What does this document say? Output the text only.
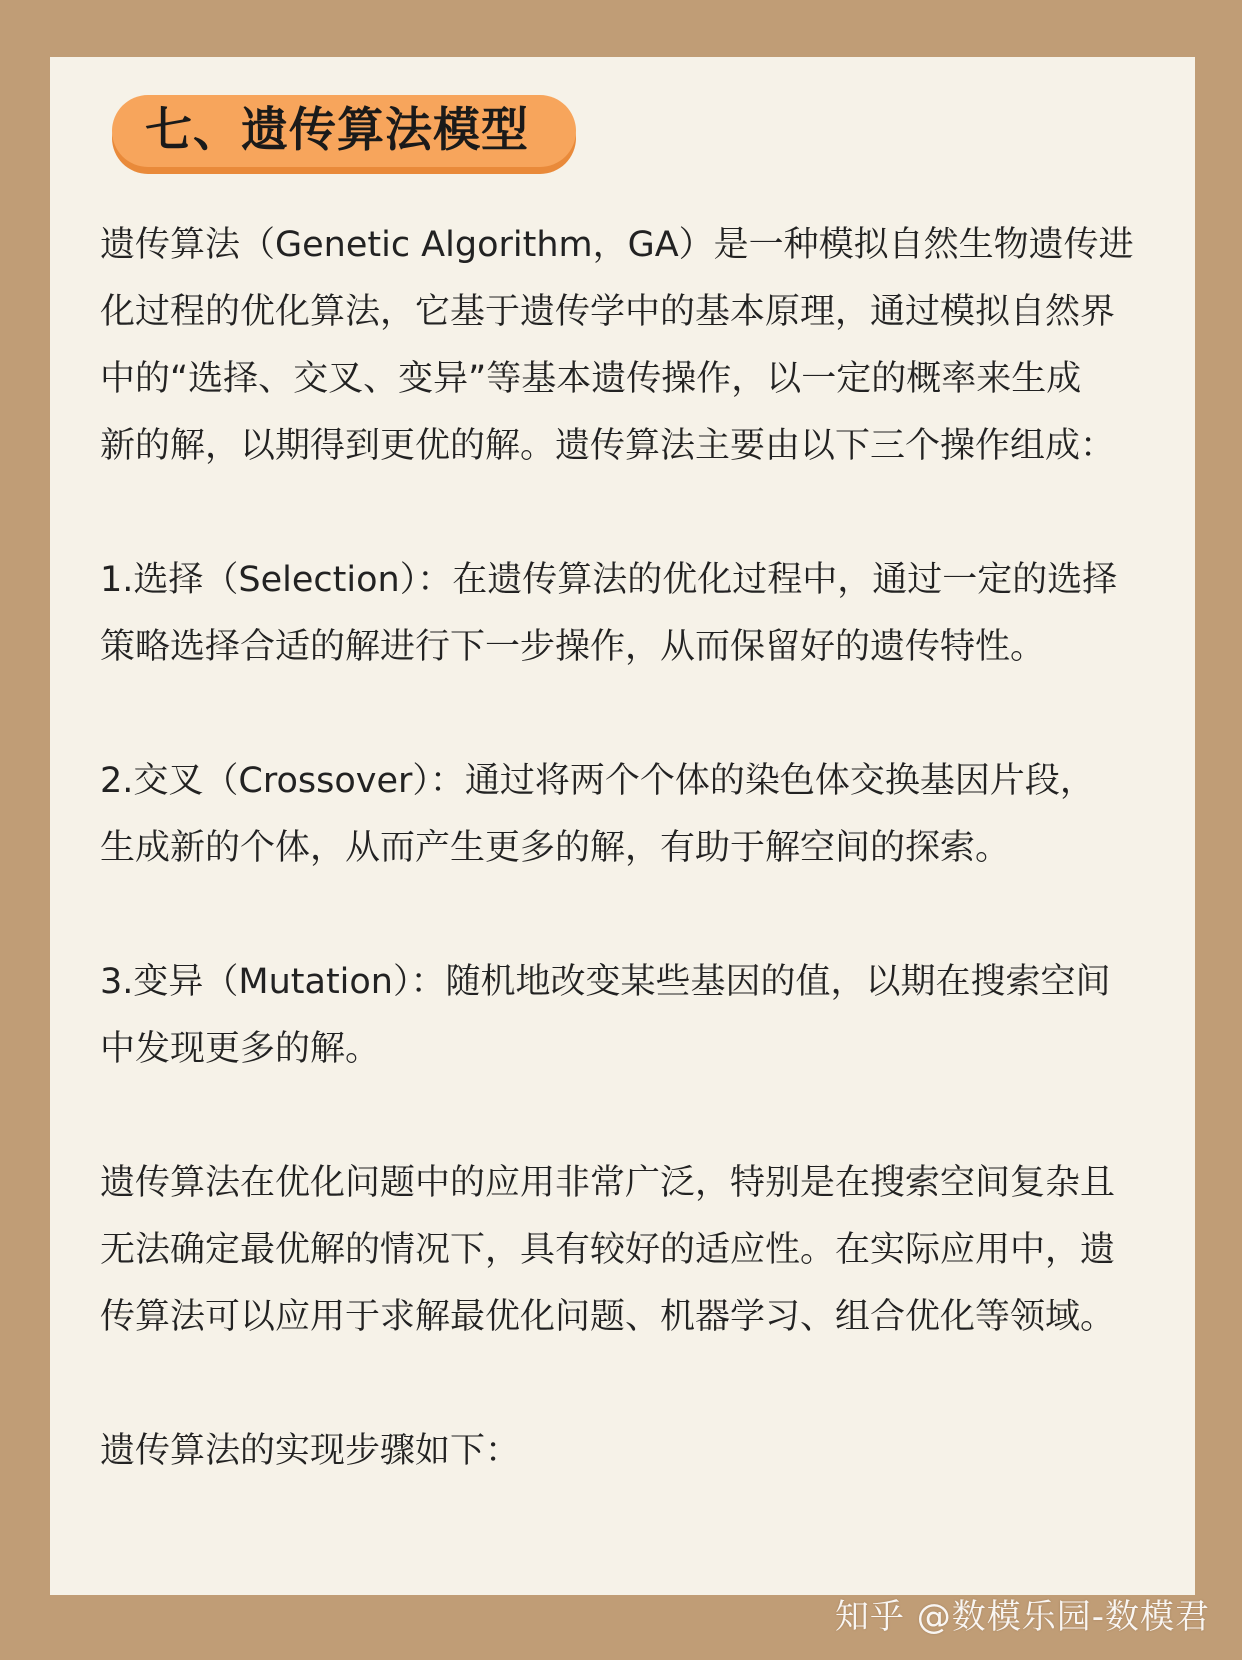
七、遗传算法模型
遗传算法（Genetic Algorithm，GA）是一种模拟自然生物遗传进
化过程的优化算法，它基于遗传学中的基本原理，通过模拟自然界
中的“选择、交叉、变异”等基本遗传操作，以一定的概率来生成
新的解，以期得到更优的解。遗传算法主要由以下三个操作组成：
1.选择（Selection）：在遗传算法的优化过程中，通过一定的选择
策略选择合适的解进行下一步操作，从而保留好的遗传特性。
2.交叉（Crossover）：通过将两个个体的染色体交换基因片段，
生成新的个体，从而产生更多的解，有助于解空间的探索。
3.变异（Mutation）：随机地改变某些基因的值，以期在搜索空间
中发现更多的解。
遗传算法在优化问题中的应用非常广泛，特别是在搜索空间复杂且
无法确定最优解的情况下，具有较好的适应性。在实际应用中，遗
传算法可以应用于求解最优化问题、机器学习、组合优化等领域。
遗传算法的实现步骤如下：
知乎 @数模乐园-数模君
